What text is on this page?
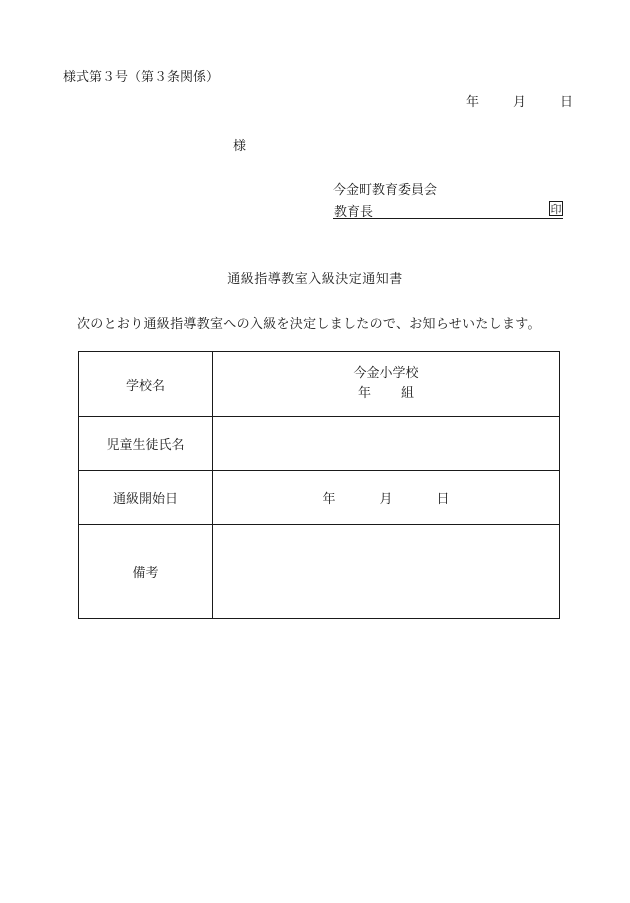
様式第３号（第３条関係）
年	月	日
様
今金町教育委員会
教育長	印
通級指導教室入級決定通知書
次のとおり通級指導教室への入級を決定しましたので、お知らせいたします。
学校名	今金小学校
年 組

児童生徒氏名	
通級開始日	年 月 日
備考	
